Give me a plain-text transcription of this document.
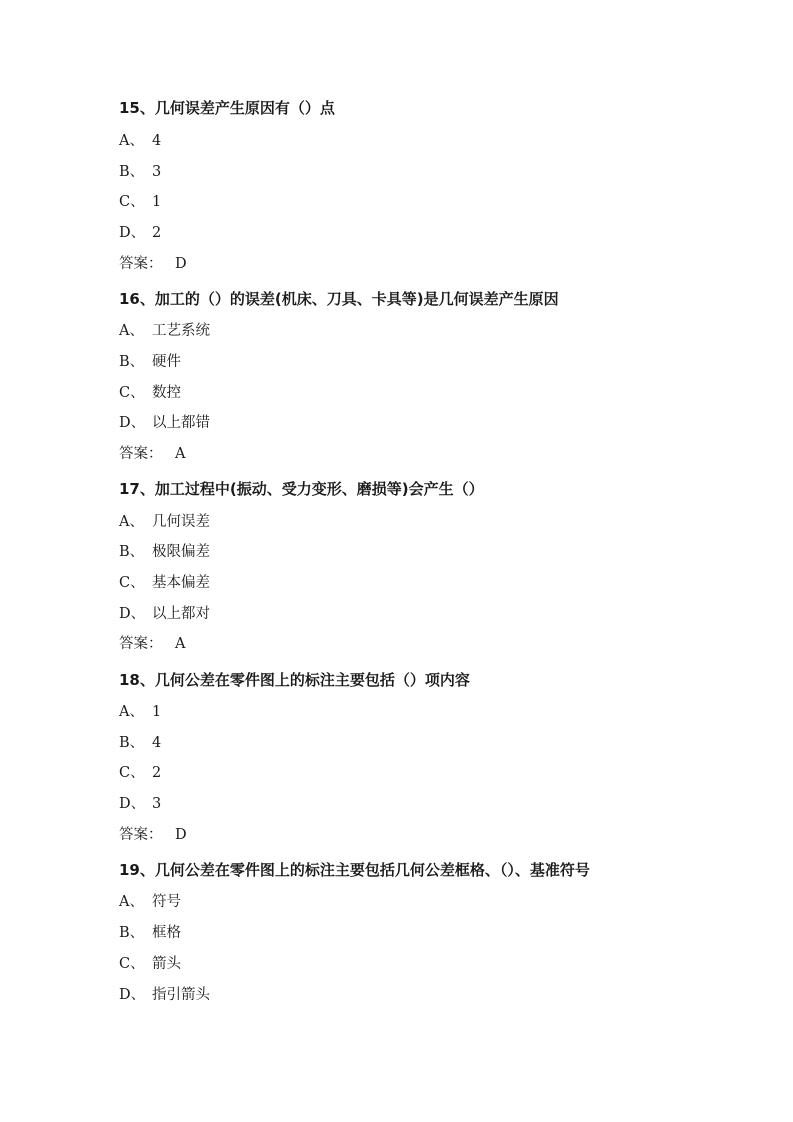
15、几何误差产生原因有（）点
A、 4
B、 3
C、 1
D、 2
答案： D
16、加工的（）的误差(机床、刀具、卡具等)是几何误差产生原因
A、 工艺系统
B、 硬件
C、 数控
D、 以上都错
答案： A
17、加工过程中(振动、受力变形、磨损等)会产生（）
A、 几何误差
B、 极限偏差
C、 基本偏差
D、 以上都对
答案： A
18、几何公差在零件图上的标注主要包括（）项内容
A、 1
B、 4
C、 2
D、 3
答案： D
19、几何公差在零件图上的标注主要包括几何公差框格、（）、基准符号
A、 符号
B、 框格
C、 箭头
D、 指引箭头
